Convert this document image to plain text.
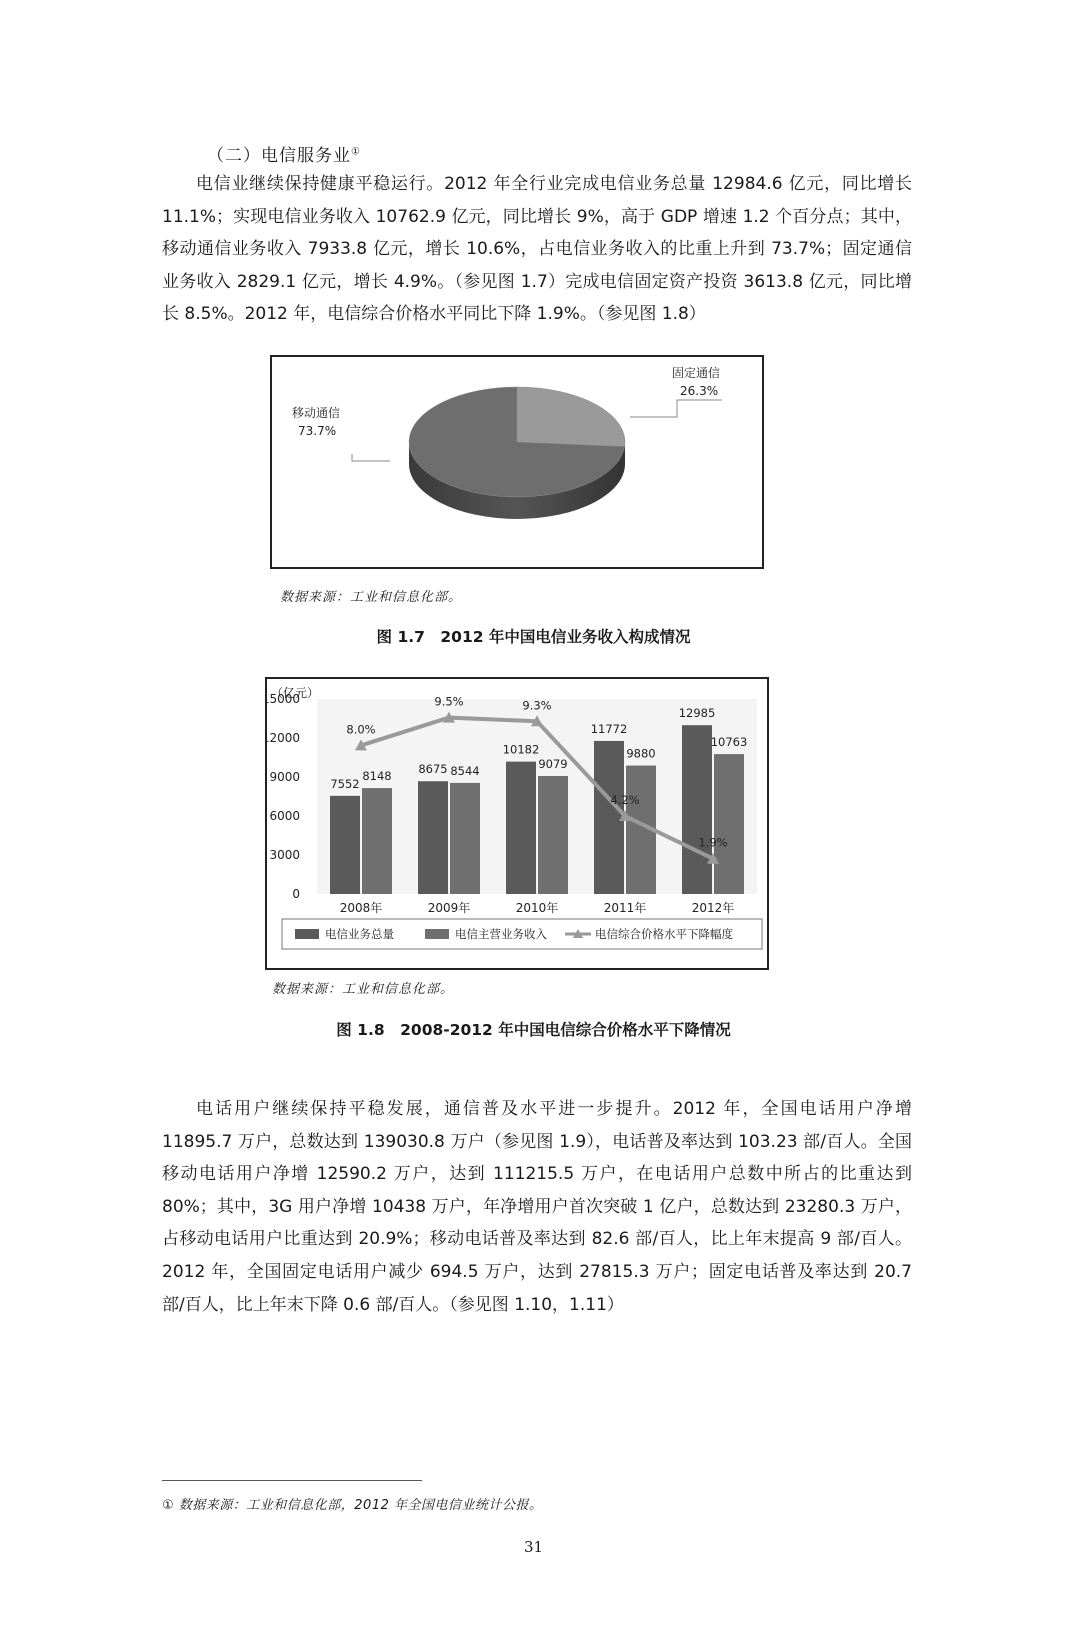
（二）电信服务业①

电信业继续保持健康平稳运行。2012 年全行业完成电信业务总量 12984.6 亿元，同比增长 11.1%；实现电信业务收入 10762.9 亿元，同比增长 9%，高于 GDP 增速 1.2 个百分点；其中，移动通信业务收入 7933.8 亿元，增长 10.6%，占电信业务收入的比重上升到 73.7%；固定通信业务收入 2829.1 亿元，增长 4.9%。（参见图 1.7）完成电信固定资产投资 3613.8 亿元，同比增长 8.5%。2012 年，电信综合价格水平同比下降 1.9%。（参见图 1.8）

移动通信
73.7%
固定通信
26.3%
数据来源：工业和信息化部。
图 1.7　2012 年中国电信业务收入构成情况
（亿元）
0
3000
6000
9000
2000
5000
7552
8148 8675 8544
10182
9079
11772
9880
12985
10763
2008年	2009年	2010年	2011年	2012年
8.0%
9.5%	9.3%
4.2%
1.9%
电信业务总量	电信主营业务收入	电信综合价格水平下降幅度
数据来源：工业和信息化部。
图 1.8　2008-2012 年中国电信综合价格水平下降情况

电话用户继续保持平稳发展，通信普及水平进一步提升。2012 年，全国电话用户净增 11895.7 万户，总数达到 139030.8 万户（参见图 1.9），电话普及率达到 103.23 部/百人。全国移动电话用户净增 12590.2 万户，达到 111215.5 万户，在电话用户总数中所占的比重达到 80%；其中，3G 用户净增 10438 万户，年净增用户首次突破 1 亿户，总数达到 23280.3 万户，占移动电话用户比重达到 20.9%；移动电话普及率达到 82.6 部/百人，比上年末提高 9 部/百人。2012 年，全国固定电话用户减少 694.5 万户，达到 27815.3 万户；固定电话普及率达到 20.7 部/百人，比上年末下降 0.6 部/百人。（参见图 1.10，1.11）

① 数据来源：工业和信息化部，2012 年全国电信业统计公报。
31
